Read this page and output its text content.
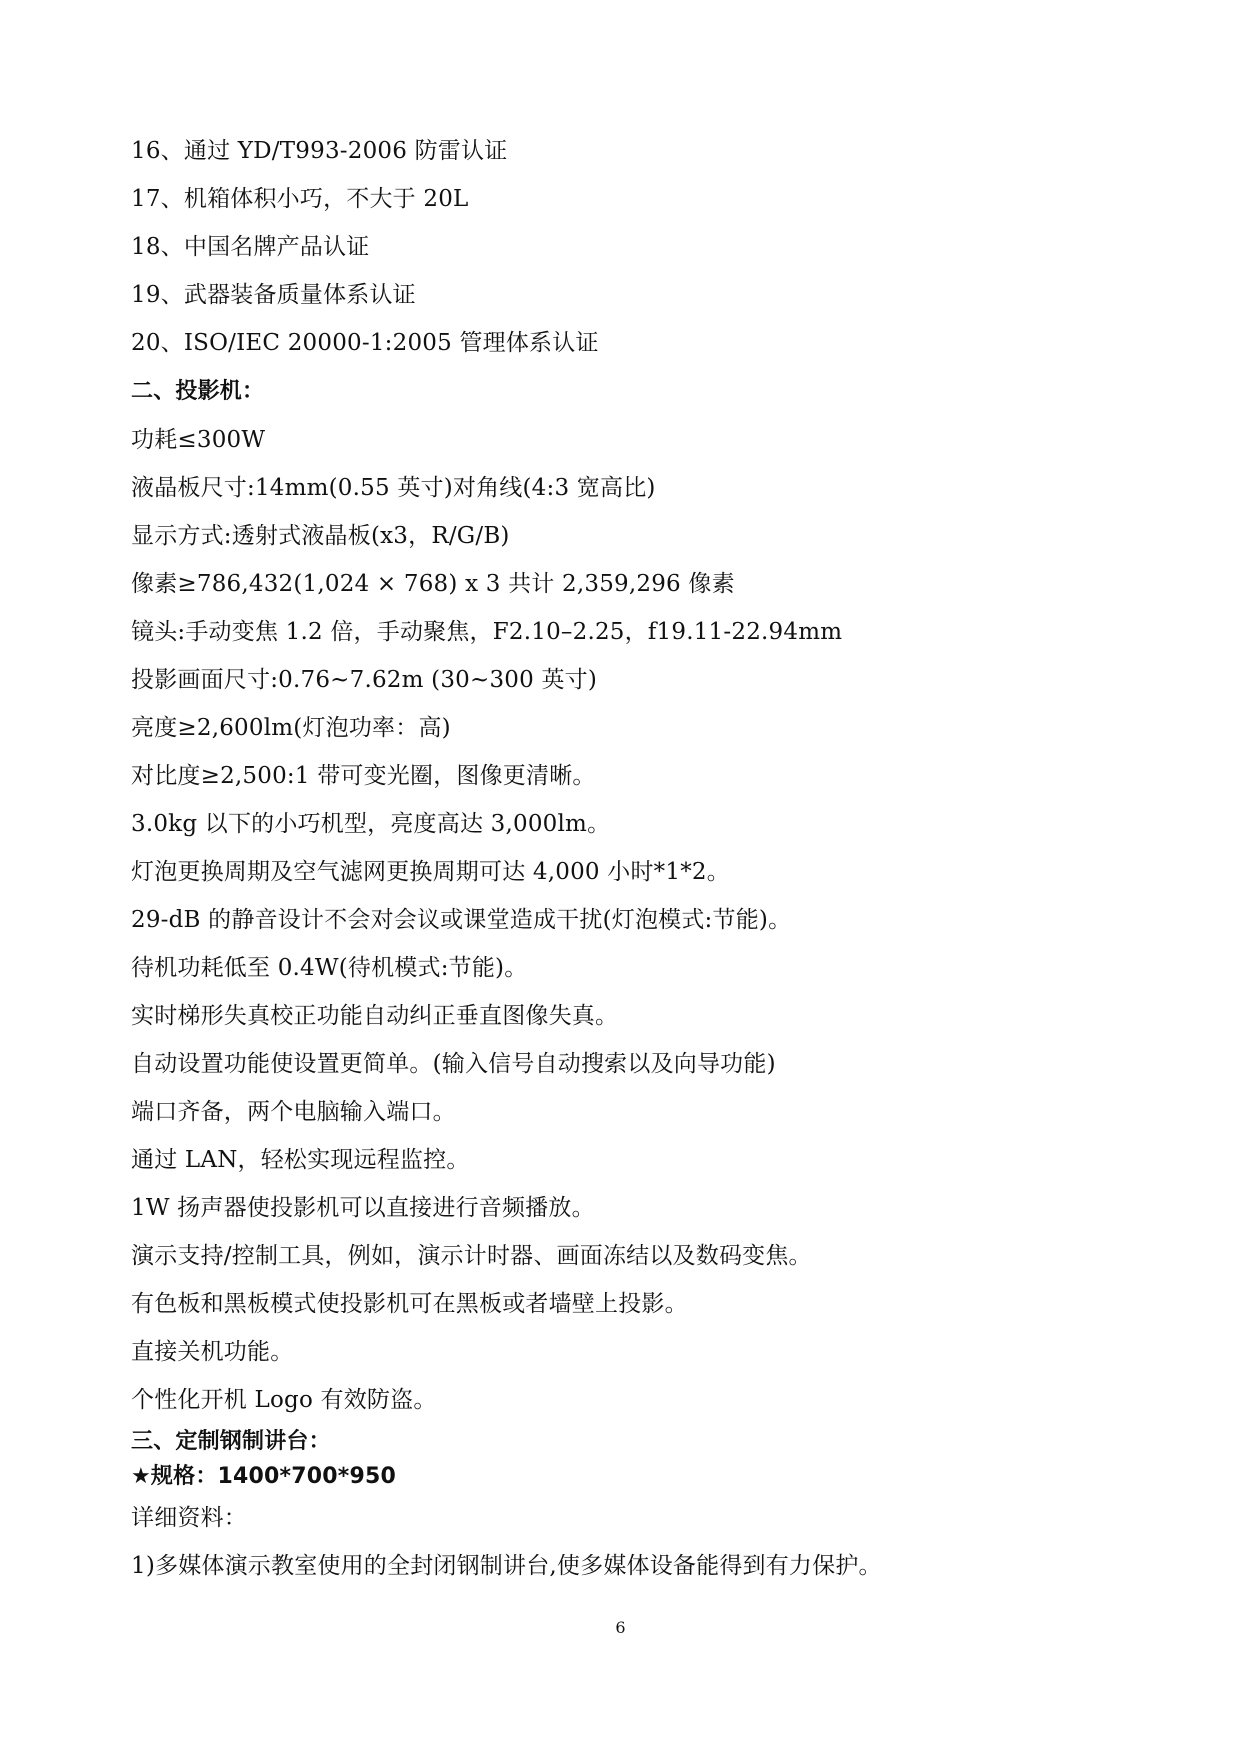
16、通过 YD/T993-2006 防雷认证
17、机箱体积小巧，不大于 20L
18、中国名牌产品认证
19、武器装备质量体系认证
20、ISO/IEC 20000-1:2005 管理体系认证
二、投影机：
功耗≤300W
液晶板尺寸:14mm(0.55 英寸)对角线(4:3 宽高比)
显示方式:透射式液晶板(x3，R/G/B)
像素≥786,432(1,024 × 768) x 3 共计 2,359,296 像素
镜头:手动变焦 1.2 倍，手动聚焦，F2.10–2.25，f19.11-22.94mm
投影画面尺寸:0.76~7.62m (30~300 英寸)
亮度≥2,600lm(灯泡功率：高)
对比度≥2,500:1 带可变光圈，图像更清晰。
3.0kg 以下的小巧机型，亮度高达 3,000lm。
灯泡更换周期及空气滤网更换周期可达 4,000 小时*1*2。
29-dB 的静音设计不会对会议或课堂造成干扰(灯泡模式:节能)。
待机功耗低至 0.4W(待机模式:节能)。
实时梯形失真校正功能自动纠正垂直图像失真。
自动设置功能使设置更简单。(输入信号自动搜索以及向导功能)
端口齐备，两个电脑输入端口。
通过 LAN，轻松实现远程监控。
1W 扬声器使投影机可以直接进行音频播放。
演示支持/控制工具，例如，演示计时器、画面冻结以及数码变焦。
有色板和黑板模式使投影机可在黑板或者墙壁上投影。
直接关机功能。
个性化开机 Logo 有效防盗。
三、定制钢制讲台：
★规格：1400*700*950
详细资料：
1)多媒体演示教室使用的全封闭钢制讲台,使多媒体设备能得到有力保护。
6
